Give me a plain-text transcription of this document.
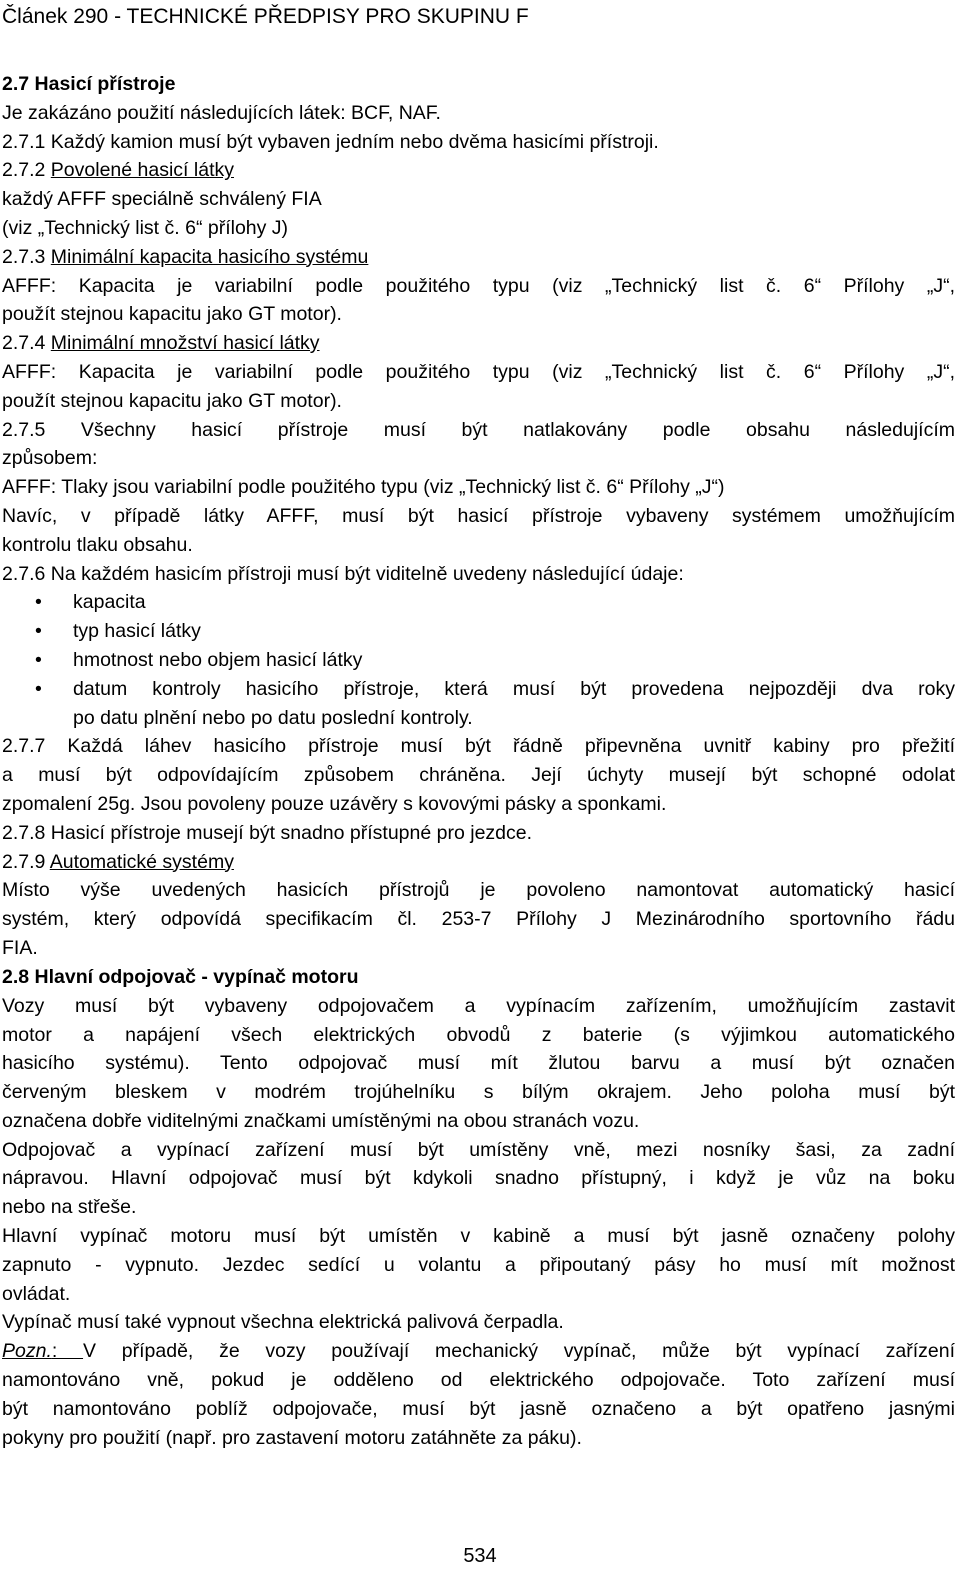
Článek 290 - TECHNICKÉ PŘEDPISY PRO SKUPINU F
2.7 Hasicí přístroje
Je zakázáno použití následujících látek: BCF, NAF.
2.7.1 Každý kamion musí být vybaven jedním nebo dvěma hasicími přístroji.
2.7.2 Povolené hasicí látky
každý AFFF speciálně schválený FIA
(viz „Technický list č. 6“ přílohy J)
2.7.3 Minimální kapacita hasicího systému
AFFF: Kapacita je variabilní podle použitého typu (viz „Technický list č. 6“ Přílohy „J“,
použít stejnou kapacitu jako GT motor).
2.7.4 Minimální množství hasicí látky
AFFF: Kapacita je variabilní podle použitého typu (viz „Technický list č. 6“ Přílohy „J“,
použít stejnou kapacitu jako GT motor).
2.7.5 Všechny hasicí přístroje musí být natlakovány podle obsahu následujícím
způsobem:
AFFF: Tlaky jsou variabilní podle použitého typu (viz „Technický list č. 6“ Přílohy „J“)
Navíc, v případě látky AFFF, musí být hasicí přístroje vybaveny systémem umožňujícím
kontrolu tlaku obsahu.
2.7.6 Na každém hasicím přístroji musí být viditelně uvedeny následující údaje:
• kapacita
• typ hasicí látky
• hmotnost nebo objem hasicí látky
• datum kontroly hasicího přístroje, která musí být provedena nejpozději dva roky
po datu plnění nebo po datu poslední kontroly.
2.7.7 Každá láhev hasicího přístroje musí být řádně připevněna uvnitř kabiny pro přežití
a musí být odpovídajícím způsobem chráněna. Její úchyty musejí být schopné odolat
zpomalení 25g. Jsou povoleny pouze uzávěry s kovovými pásky a sponkami.
2.7.8 Hasicí přístroje musejí být snadno přístupné pro jezdce.
2.7.9 Automatické systémy
Místo výše uvedených hasicích přístrojů je povoleno namontovat automatický hasicí
systém, který odpovídá specifikacím čl. 253-7 Přílohy J Mezinárodního sportovního řádu
FIA.
2.8 Hlavní odpojovač - vypínač motoru
Vozy musí být vybaveny odpojovačem a vypínacím zařízením, umožňujícím zastavit
motor a napájení všech elektrických obvodů z baterie (s výjimkou automatického
hasicího systému). Tento odpojovač musí mít žlutou barvu a musí být označen
červeným bleskem v modrém trojúhelníku s bílým okrajem. Jeho poloha musí být
označena dobře viditelnými značkami umístěnými na obou stranách vozu.
Odpojovač a vypínací zařízení musí být umístěny vně, mezi nosníky šasi, za zadní
nápravou. Hlavní odpojovač musí být kdykoli snadno přístupný, i když je vůz na boku
nebo na střeše.
Hlavní vypínač motoru musí být umístěn v kabině a musí být jasně označeny polohy
zapnuto - vypnuto. Jezdec sedící u volantu a připoutaný pásy ho musí mít možnost
ovládat.
Vypínač musí také vypnout všechna elektrická palivová čerpadla.
Pozn.: V případě, že vozy používají mechanický vypínač, může být vypínací zařízení
namontováno vně, pokud je odděleno od elektrického odpojovače. Toto zařízení musí
být namontováno poblíž odpojovače, musí být jasně označeno a být opatřeno jasnými
pokyny pro použití (např. pro zastavení motoru zatáhněte za páku).
534
